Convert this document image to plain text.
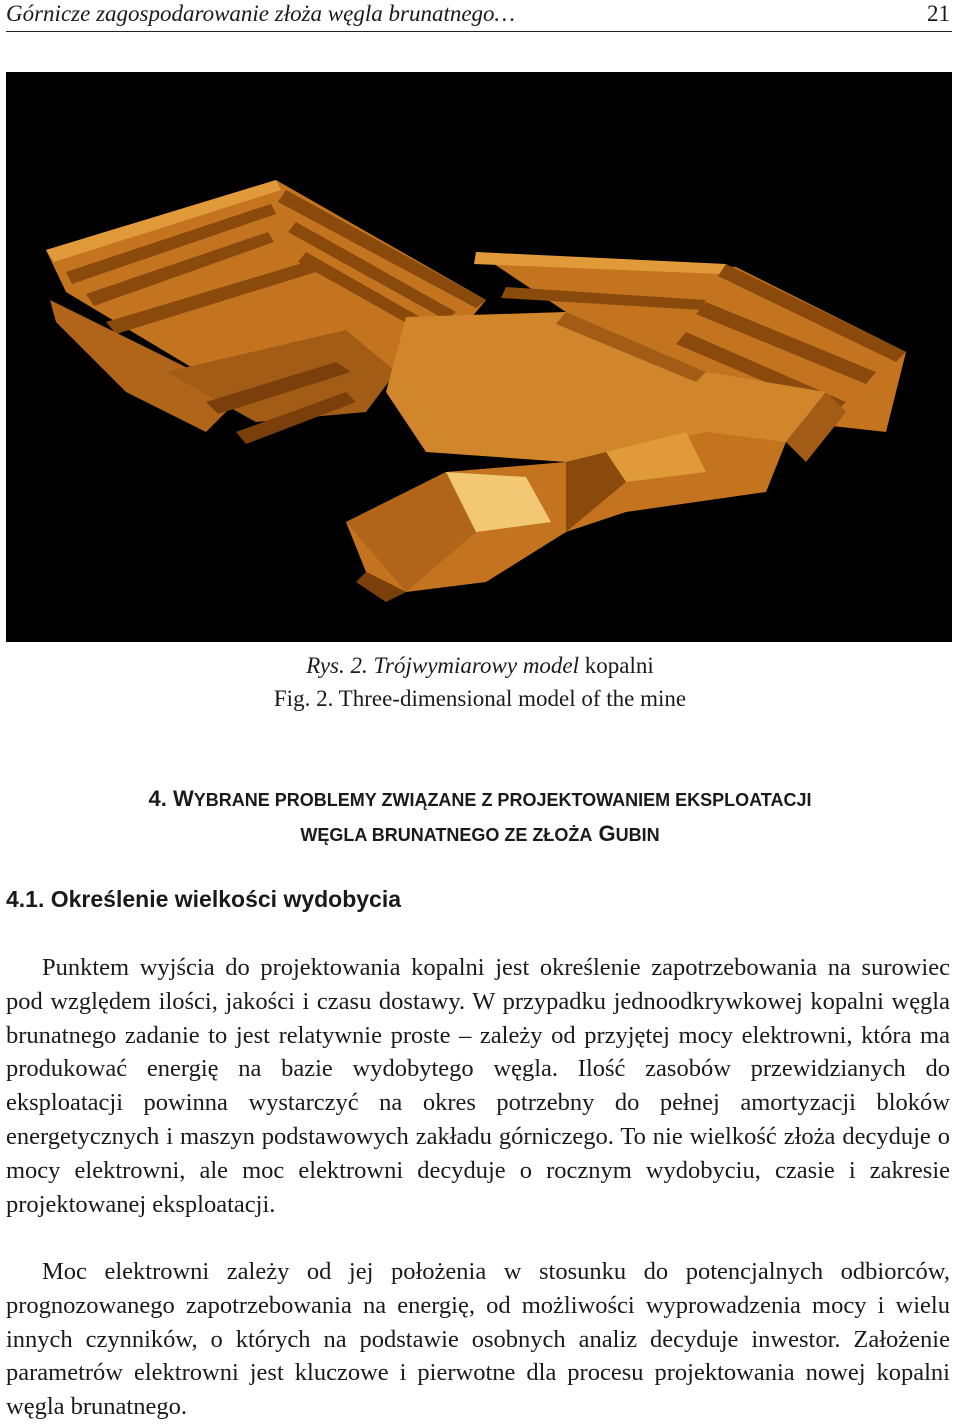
Górnicze zagospodarowanie złoża węgla brunatnego…	21
Rys. 2. Trójwymiarowy model kopalni
Fig. 2. Three-dimensional model of the mine
4. WYBRANE PROBLEMY ZWIĄZANE Z PROJEKTOWANIEM EKSPLOATACJI
WĘGLA BRUNATNEGO ZE ZŁOŻA GUBIN
4.1. Określenie wielkości wydobycia
Punktem wyjścia do projektowania kopalni jest określenie zapotrzebowania na surowiec pod względem ilości, jakości i czasu dostawy. W przypadku jednoodkrywkowej kopalni węgla brunatnego zadanie to jest relatywnie proste – zależy od przyjętej mocy elektrowni, która ma produkować energię na bazie wydobytego węgla. Ilość zasobów przewidzianych do eksploatacji powinna wystarczyć na okres potrzebny do pełnej amortyzacji bloków energetycznych i maszyn podstawowych zakładu górniczego. To nie wielkość złoża decyduje o mocy elektrowni, ale moc elektrowni decyduje o rocznym wydobyciu, czasie i zakresie projektowanej eksploatacji.
Moc elektrowni zależy od jej położenia w stosunku do potencjalnych odbiorców, prognozowanego zapotrzebowania na energię, od możliwości wyprowadzenia mocy i wielu innych czynników, o których na podstawie osobnych analiz decyduje inwestor. Założenie parametrów elektrowni jest kluczowe i pierwotne dla procesu projektowania nowej kopalni węgla brunatnego.
